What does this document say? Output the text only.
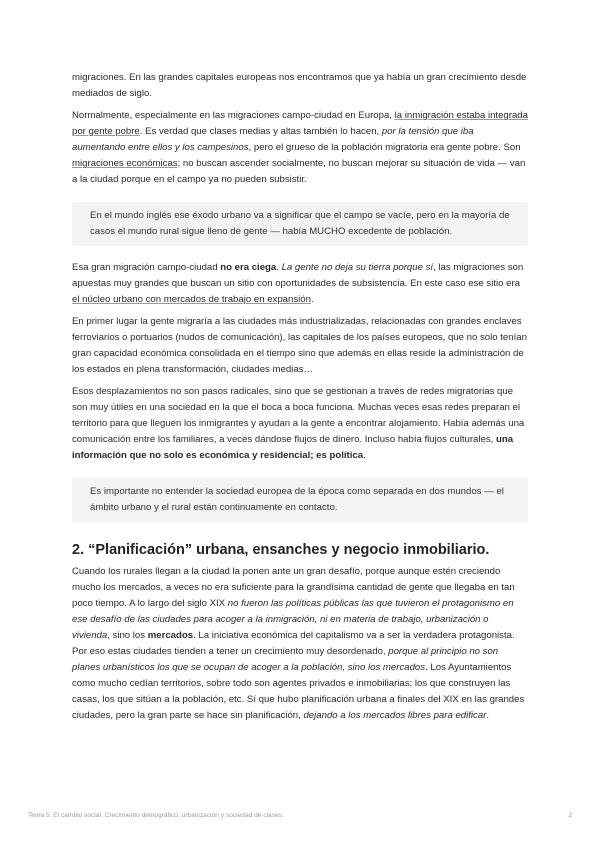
migraciones. En las grandes capitales europeas nos encontramos que ya había un gran crecimiento desde mediados de siglo.

Normalmente, especialmente en las migraciones campo-ciudad en Europa, la inmigración estaba integrada por gente pobre. Es verdad que clases medias y altas también lo hacen, por la tensión que iba aumentando entre ellos y los campesinos, pero el grueso de la población migratoria era gente pobre. Son migraciones económicas; no buscan ascender socialmente, no buscan mejorar su situación de vida — van a la ciudad porque en el campo ya no pueden subsistir.

En el mundo inglés ese éxodo urbano va a significar que el campo se vacíe, pero en la mayoría de casos el mundo rural sigue lleno de gente — había MUCHO excedente de población.

Esa gran migración campo-ciudad no era ciega. La gente no deja su tierra porque sí, las migraciones son apuestas muy grandes que buscan un sitio con oportunidades de subsistencia. En este caso ese sitio era el núcleo urbano con mercados de trabajo en expansión.

En primer lugar la gente migraría a las ciudades más industrializadas, relacionadas con grandes enclaves ferroviarios o portuarios (nudos de comunicación), las capitales de los países europeos, que no solo tenían gran capacidad económica consolidada en el tiempo sino que además en ellas reside la administración de los estados en plena transformación, ciudades medias…

Esos desplazamientos no son pasos radicales, sino que se gestionan a través de redes migratorias que son muy útiles en una sociedad en la que el boca a boca funciona. Muchas veces esas redes preparan el territorio para que lleguen los inmigrantes y ayudan a la gente a encontrar alojamiento. Había además una comunicación entre los familiares, a veces dándose flujos de dinero. Incluso había flujos culturales, una información que no solo es económica y residencial; es política.

Es importante no entender la sociedad europea de la época como separada en dos mundos — el ámbito urbano y el rural están continuamente en contacto.

2. “Planificación” urbana, ensanches y negocio inmobiliario.

Cuando los rurales llegan a la ciudad la ponen ante un gran desafío, porque aunque estén creciendo mucho los mercados, a veces no era suficiente para la grandísima cantidad de gente que llegaba en tan poco tiempo. A lo largo del siglo XIX no fueron las políticas públicas las que tuvieron el protagonismo en ese desafío de las ciudades para acoger a la inmigración, ni en materia de trabajo, urbanización o vivienda, sino los mercados. La iniciativa económica del capitalismo va a ser la verdadera protagonista. Por eso estas ciudades tienden a tener un crecimiento muy desordenado, porque al principio no son planes urbanísticos los que se ocupan de acoger a la población, sino los mercados. Los Ayuntamientos como mucho cedían territorios, sobre todo son agentes privados e inmobiliarias; los que construyen las casas, los que sitúan a la población, etc. Sí que hubo planificación urbana a finales del XIX en las grandes ciudades, pero la gran parte se hace sin planificación, dejando a los mercados libres para edificar.

Tema 5. El cambio social. Crecimiento demográfico, urbanización y sociedad de clases.	2
